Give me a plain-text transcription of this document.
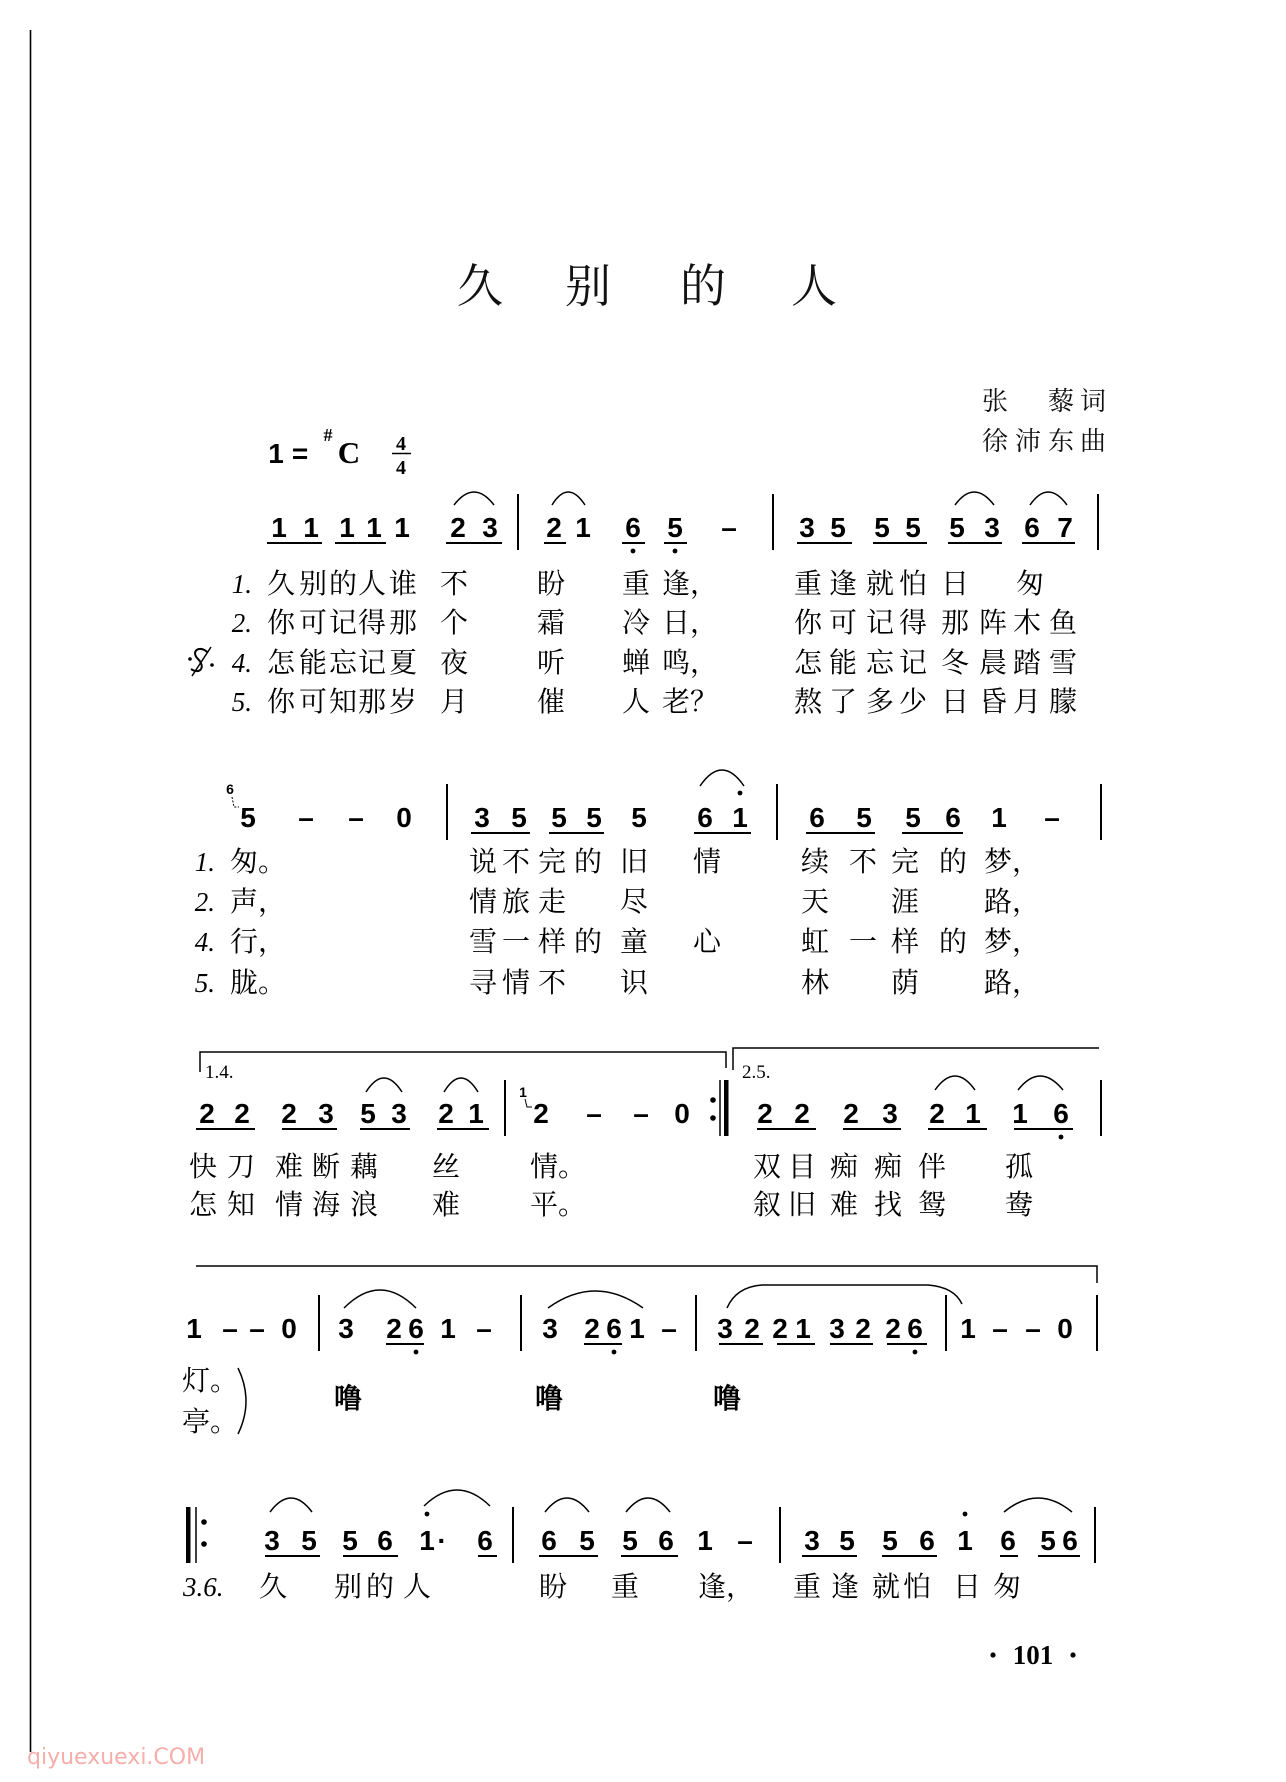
久别的人
张　藜词
徐沛东曲
1=
# C 4
4
1 1 1 1 1 2 3 2 1 6 5 – 3 5 5 5 5 3 6 7
1. 久别的人谁不 盼重逢，	重逢就怕日匆
2. 你可记得那个 霜冷日，	你可记得那阵木鱼
4. 怎能忘记夏夜 听蝉鸣，	怎能忘记冬晨踏雪
5. 你可知那岁月 催人老？	熬了多少日昏月朦
6
5 – – 0 3 5 5 5 5 6 1 6 5 5 6 1 –
1. 匆。	说不完的旧情	续不完的梦，
2. 声，	情旅走尽	天涯路，
4. 行，	雪一样的童心	虹一样的梦，
5. 胧。	寻情不识	林荫路，
1.4.	2.5.
2 2 2 3 5 3 2 1
1
2 – – 0 2 2 2 3 2 1 1 6
快刀难断藕丝 情。	双目痴痴伴孤
怎知情海浪难 平。	叙旧难找鸳鸯
1 – – 0 3 26 1 – 3 26 1 – 32 21 32 26 1 – – 0
灯。
亭。
噜	噜	噜
3 5 5 6 1· 6 6 5 5 6 1 – 3 5 5 6 1 6 56
3.6. 久别的人	盼重逢， 重逢就怕日匆
101
qiyuexuexi.COM
